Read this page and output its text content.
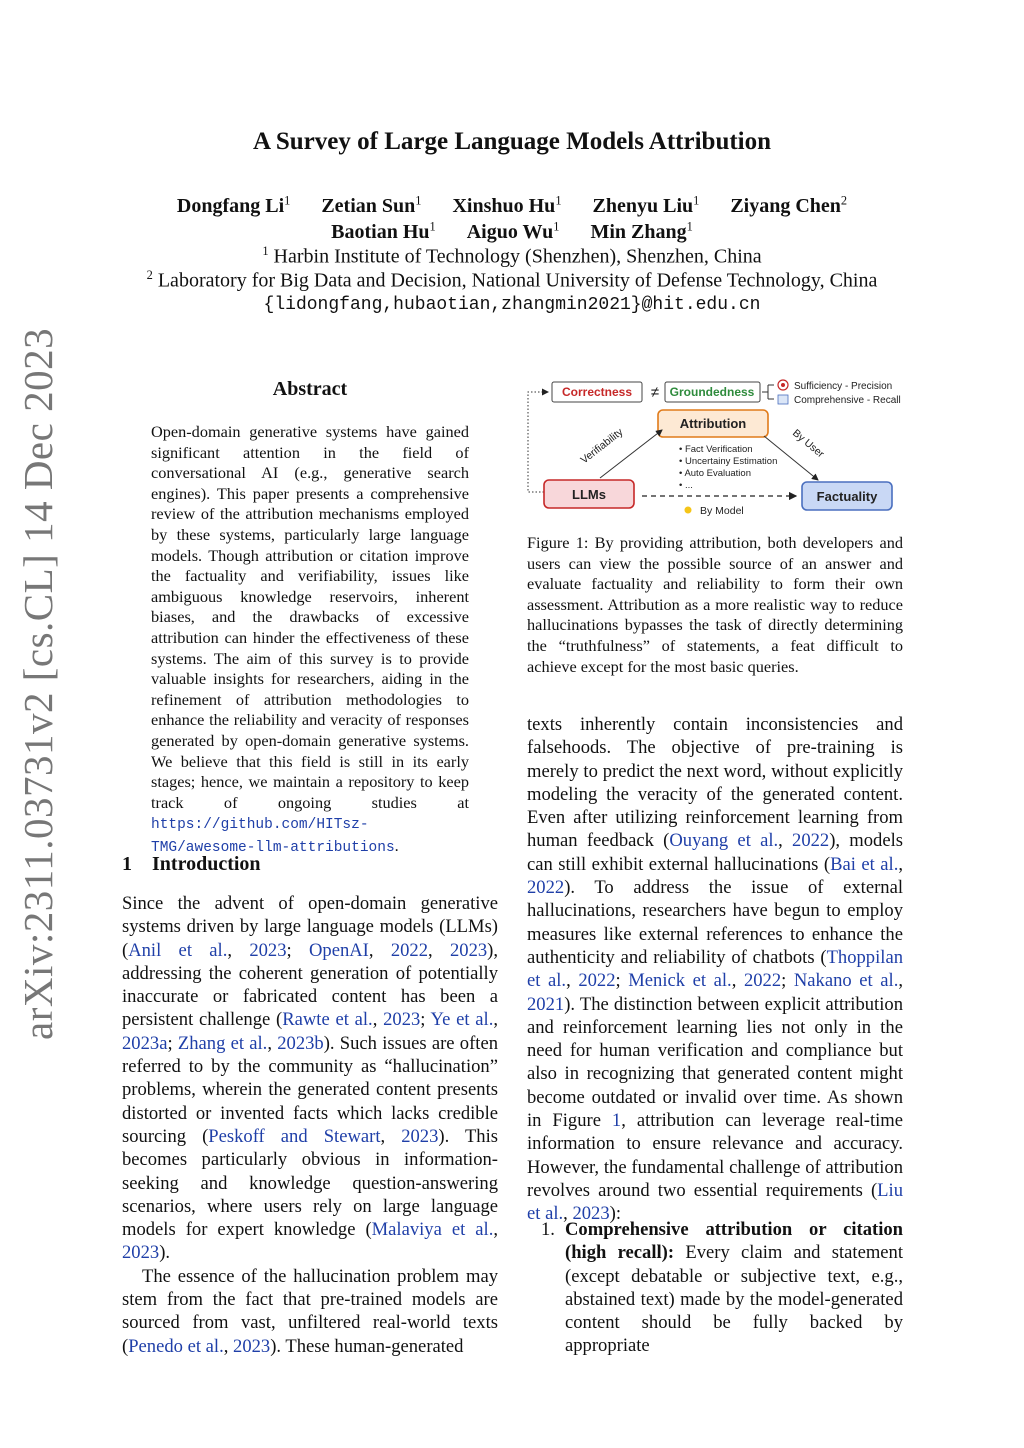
arXiv:2311.03731v2 [cs.CL] 14 Dec 2023
A Survey of Large Language Models Attribution
Dongfang Li$^1$ Zetian Sun$^1$ Xinshuo Hu$^1$ Zhenyu Liu$^1$ Ziyang Chen$^2$
Baotian Hu$^1$ Aiguo Wu$^1$ Min Zhang$^1$
$^1$ Harbin Institute of Technology (Shenzhen), Shenzhen, China
$^2$ Laboratory for Big Data and Decision, National University of Defense Technology, China
{lidongfang,hubaotian,zhangmin2021}@hit.edu.cn
Abstract
Open-domain generative systems have gained significant attention in the field of conversational AI (e.g., generative search engines). This paper presents a comprehensive review of the attribution mechanisms employed by these systems, particularly large language models. Though attribution or citation improve the factuality and verifiability, issues like ambiguous knowledge reservoirs, inherent biases, and the drawbacks of excessive attribution can hinder the effectiveness of these systems. The aim of this survey is to provide valuable insights for researchers, aiding in the refinement of attribution methodologies to enhance the reliability and veracity of responses generated by open-domain generative systems. We believe that this field is still in its early stages; hence, we maintain a repository to keep track of ongoing studies at https://github.com/HITsz-TMG/awesome-llm-attributions.
1 Introduction

Since the advent of open-domain generative systems driven by large language models (LLMs) (Anil et al., 2023; OpenAI, 2022, 2023), addressing the coherent generation of potentially inaccurate or fabricated content has been a persistent challenge (Rawte et al., 2023; Ye et al., 2023a; Zhang et al., 2023b). Such issues are often referred to by the community as “hallucination” problems, wherein the generated content presents distorted or invented facts which lacks credible sourcing (Peskoff and Stewart, 2023). This becomes particularly obvious in information-seeking and knowledge question-answering scenarios, where users rely on large language models for expert knowledge (Malaviya et al., 2023).

The essence of the hallucination problem may stem from the fact that pre-trained models are sourced from vast, unfiltered real-world texts (Penedo et al., 2023). These human-generated

Correctness ≠ Groundedness	Sufficiency - Precision
Comprehensive - Recall
Attribution
• Fact Verification
• Uncertainy Estimation
• Auto Evaluation
• ...
Verifiability	By User
LLMs
By Model
Factuality
Figure 1: By providing attribution, both developers and users can view the possible source of an answer and evaluate factuality and reliability to form their own assessment. Attribution as a more realistic way to reduce hallucinations bypasses the task of directly determining the “truthfulness” of statements, a feat difficult to achieve except for the most basic queries.

texts inherently contain inconsistencies and falsehoods. The objective of pre-training is merely to predict the next word, without explicitly modeling the veracity of the generated content. Even after utilizing reinforcement learning from human feedback (Ouyang et al., 2022), models can still exhibit external hallucinations (Bai et al., 2022). To address the issue of external hallucinations, researchers have begun to employ measures like external references to enhance the authenticity and reliability of chatbots (Thoppilan et al., 2022; Menick et al., 2022; Nakano et al., 2021). The distinction between explicit attribution and reinforcement learning lies not only in the need for human verification and compliance but also in recognizing that generated content might become outdated or invalid over time. As shown in Figure 1, attribution can leverage real-time information to ensure relevance and accuracy. However, the fundamental challenge of attribution revolves around two essential requirements (Liu et al., 2023):

1. Comprehensive attribution or citation (high recall): Every claim and statement (except debatable or subjective text, e.g., abstained text) made by the model-generated content should be fully backed by appropriate
